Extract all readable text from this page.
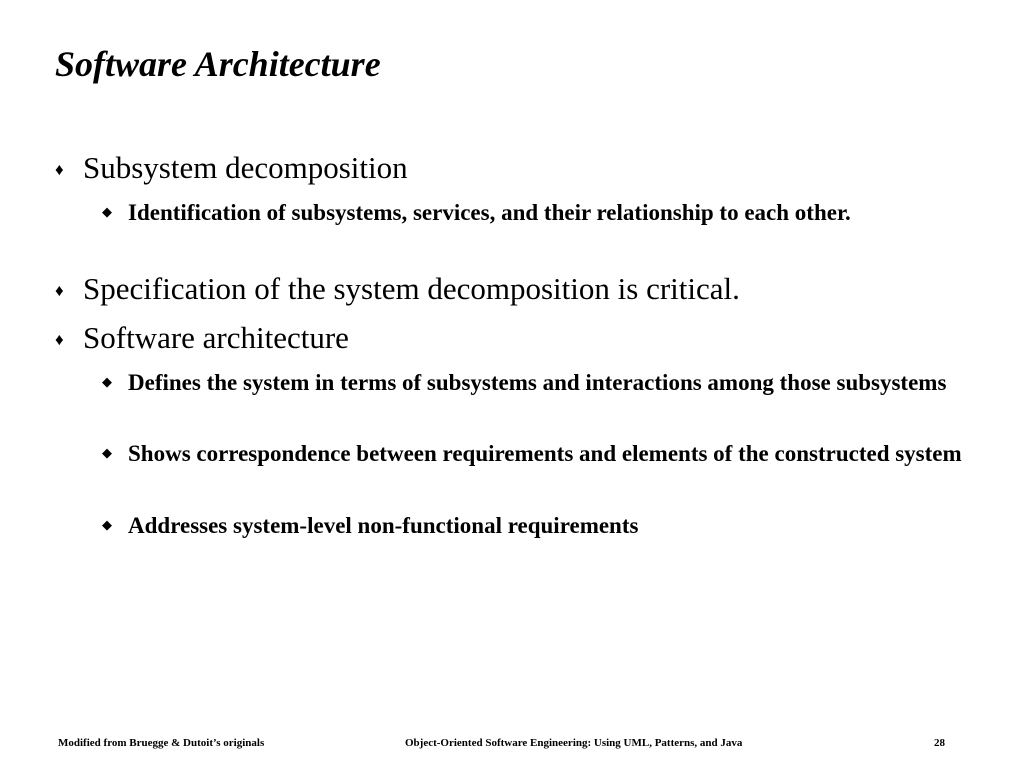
Software Architecture
♦ Subsystem decomposition
◆ Identification of subsystems, services, and their relationship to each other.
♦ Specification of the system decomposition is critical.
♦ Software architecture
◆ Defines the system in terms of subsystems and interactions among those subsystems
◆ Shows correspondence between requirements and elements of the constructed system
◆ Addresses system-level non-functional requirements
Modified from Bruegge & Dutoit’s originals	Object-Oriented Software Engineering: Using UML, Patterns, and Java	28
